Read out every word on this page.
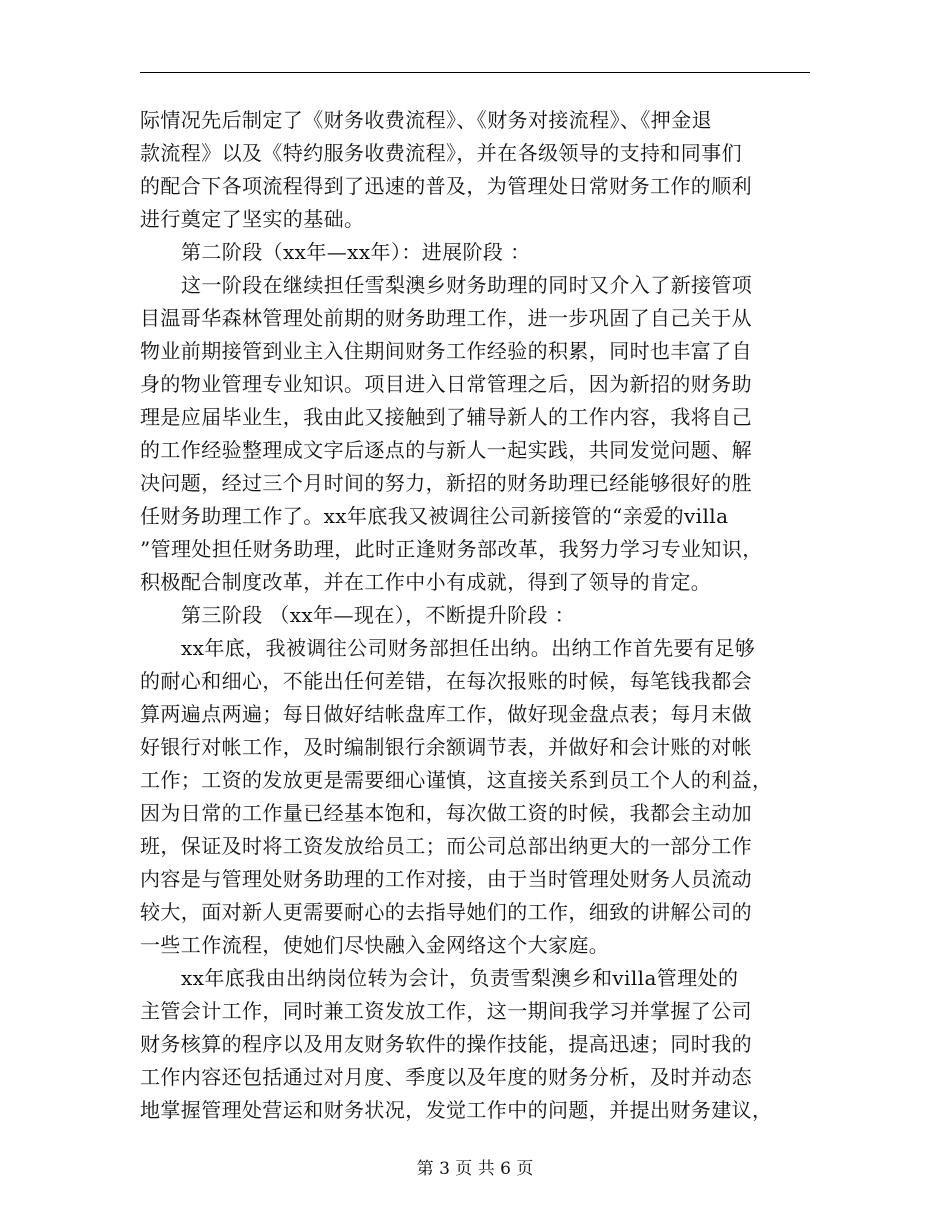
际情况先后制定了《财务收费流程》、《财务对接流程》、《押金退
款流程》以及《特约服务收费流程》，并在各级领导的支持和同事们
的配合下各项流程得到了迅速的普及，为管理处日常财务工作的顺利
进行奠定了坚实的基础。
第二阶段（xx年—xx年）：进展阶段 ：
这一阶段在继续担任雪梨澳乡财务助理的同时又介入了新接管项
目温哥华森林管理处前期的财务助理工作，进一步巩固了自己关于从
物业前期接管到业主入住期间财务工作经验的积累，同时也丰富了自
身的物业管理专业知识。项目进入日常管理之后，因为新招的财务助
理是应届毕业生，我由此又接触到了辅导新人的工作内容，我将自己
的工作经验整理成文字后逐点的与新人一起实践，共同发觉问题、解
决问题，经过三个月时间的努力，新招的财务助理已经能够很好的胜
任财务助理工作了。xx年底我又被调往公司新接管的“亲爱的villa
”管理处担任财务助理，此时正逢财务部改革，我努力学习专业知识，
积极配合制度改革，并在工作中小有成就，得到了领导的肯定。
第三阶段 （xx年—现在），不断提升阶段 ：
xx年底，我被调往公司财务部担任出纳。出纳工作首先要有足够
的耐心和细心，不能出任何差错，在每次报账的时候，每笔钱我都会
算两遍点两遍；每日做好结帐盘库工作，做好现金盘点表；每月末做
好银行对帐工作，及时编制银行余额调节表，并做好和会计账的对帐
工作；工资的发放更是需要细心谨慎，这直接关系到员工个人的利益，
因为日常的工作量已经基本饱和，每次做工资的时候，我都会主动加
班，保证及时将工资发放给员工；而公司总部出纳更大的一部分工作
内容是与管理处财务助理的工作对接，由于当时管理处财务人员流动
较大，面对新人更需要耐心的去指导她们的工作，细致的讲解公司的
一些工作流程，使她们尽快融入金网络这个大家庭。
xx年底我由出纳岗位转为会计，负责雪梨澳乡和villa管理处的
主管会计工作，同时兼工资发放工作，这一期间我学习并掌握了公司
财务核算的程序以及用友财务软件的操作技能，提高迅速；同时我的
工作内容还包括通过对月度、季度以及年度的财务分析，及时并动态
地掌握管理处营运和财务状况，发觉工作中的问题，并提出财务建议，
第 3 页 共 6 页
